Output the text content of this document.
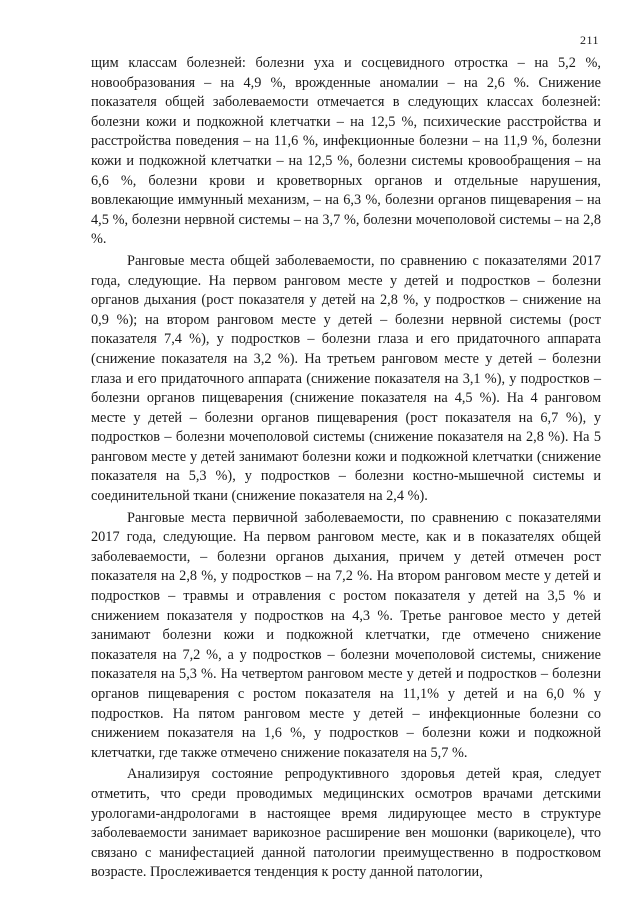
211

щим классам болезней: болезни уха и сосцевидного отростка – на 5,2 %, новообразования – на 4,9 %, врожденные аномалии – на 2,6 %. Снижение показателя общей заболеваемости отмечается в следующих классах болезней: болезни кожи и подкожной клетчатки – на 12,5 %, психические расстройства и расстройства поведения – на 11,6 %, инфекционные болезни – на 11,9 %, болезни кожи и подкожной клетчатки – на 12,5 %, болезни системы кровообращения – на 6,6 %, болезни крови и кроветворных органов и отдельные нарушения, вовлекающие иммунный механизм, – на 6,3 %, болезни органов пищеварения – на 4,5 %, болезни нервной системы – на 3,7 %, болезни мочеполовой системы – на 2,8 %.

Ранговые места общей заболеваемости, по сравнению с показателями 2017 года, следующие. На первом ранговом месте у детей и подростков – болезни органов дыхания (рост показателя у детей на 2,8 %, у подростков – снижение на 0,9 %); на втором ранговом месте у детей – болезни нервной системы (рост показателя 7,4 %), у подростков – болезни глаза и его придаточного аппарата (снижение показателя на 3,2 %). На третьем ранговом месте у детей – болезни глаза и его придаточного аппарата (снижение показателя на 3,1 %), у подростков – болезни органов пищеварения (снижение показателя на 4,5 %). На 4 ранговом месте у детей – болезни органов пищеварения (рост показателя на 6,7 %), у подростков – болезни мочеполовой системы (снижение показателя на 2,8 %). На 5 ранговом месте у детей занимают болезни кожи и подкожной клетчатки (снижение показателя на 5,3 %), у подростков – болезни костно-мышечной системы и соединительной ткани (снижение показателя на 2,4 %).

Ранговые места первичной заболеваемости, по сравнению с показателями 2017 года, следующие. На первом ранговом месте, как и в показателях общей заболеваемости, – болезни органов дыхания, причем у детей отмечен рост показателя на 2,8 %, у подростков – на 7,2 %. На втором ранговом месте у детей и подростков – травмы и отравления с ростом показателя у детей на 3,5 % и снижением показателя у подростков на 4,3 %. Третье ранговое место у детей занимают болезни кожи и подкожной клетчатки, где отмечено снижение показателя на 7,2 %, а у подростков – болезни мочеполовой системы, снижение показателя на 5,3 %. На четвертом ранговом месте у детей и подростков – болезни органов пищеварения с ростом показателя на 11,1% у детей и на 6,0 % у подростков. На пятом ранговом месте у детей – инфекционные болезни со снижением показателя на 1,6 %, у подростков – болезни кожи и подкожной клетчатки, где также отмечено снижение показателя на 5,7 %.

Анализируя состояние репродуктивного здоровья детей края, следует отметить, что среди проводимых медицинских осмотров врачами детскими урологами-андрологами в настоящее время лидирующее место в структуре заболеваемости занимает варикозное расширение вен мошонки (варикоцеле), что связано с манифестацией данной патологии преимущественно в подростковом возрасте. Прослеживается тенденция к росту данной патологии,
